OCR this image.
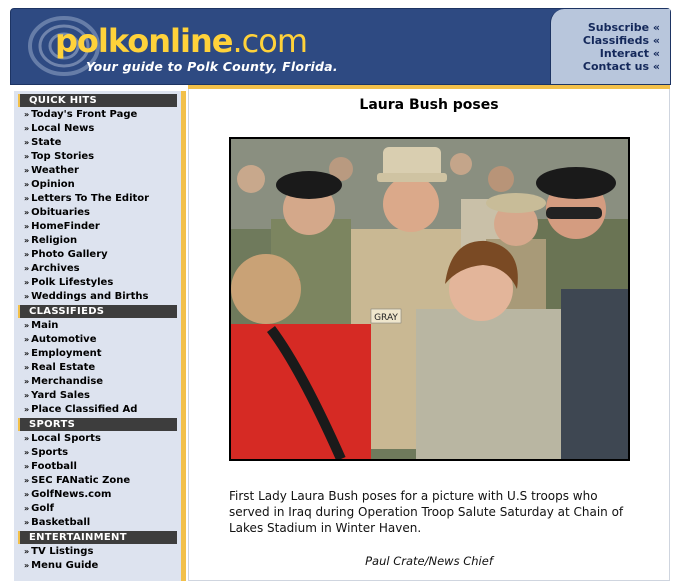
polkonline.com
Your guide to Polk County, Florida.
Subscribe «
Classifieds «
Interact «
Contact us «
QUICK HITS
» Today's Front Page
» Local News
» State
» Top Stories
» Weather
» Opinion
» Letters To The Editor
» Obituaries
» HomeFinder
» Religion
» Photo Gallery
» Archives
» Polk Lifestyles
» Weddings and Births
CLASSIFIEDS
» Main
» Automotive
» Employment
» Real Estate
» Merchandise
» Yard Sales
» Place Classified Ad
SPORTS
» Local Sports
» Sports
» Football
» SEC FANatic Zone
» GolfNews.com
» Golf
» Basketball
ENTERTAINMENT
» TV Listings
» Menu Guide
Laura Bush poses
GRAY
First Lady Laura Bush poses for a picture with U.S troops who served in Iraq during Operation Troop Salute Saturday at Chain of Lakes Stadium in Winter Haven.
Paul Crate/News Chief
